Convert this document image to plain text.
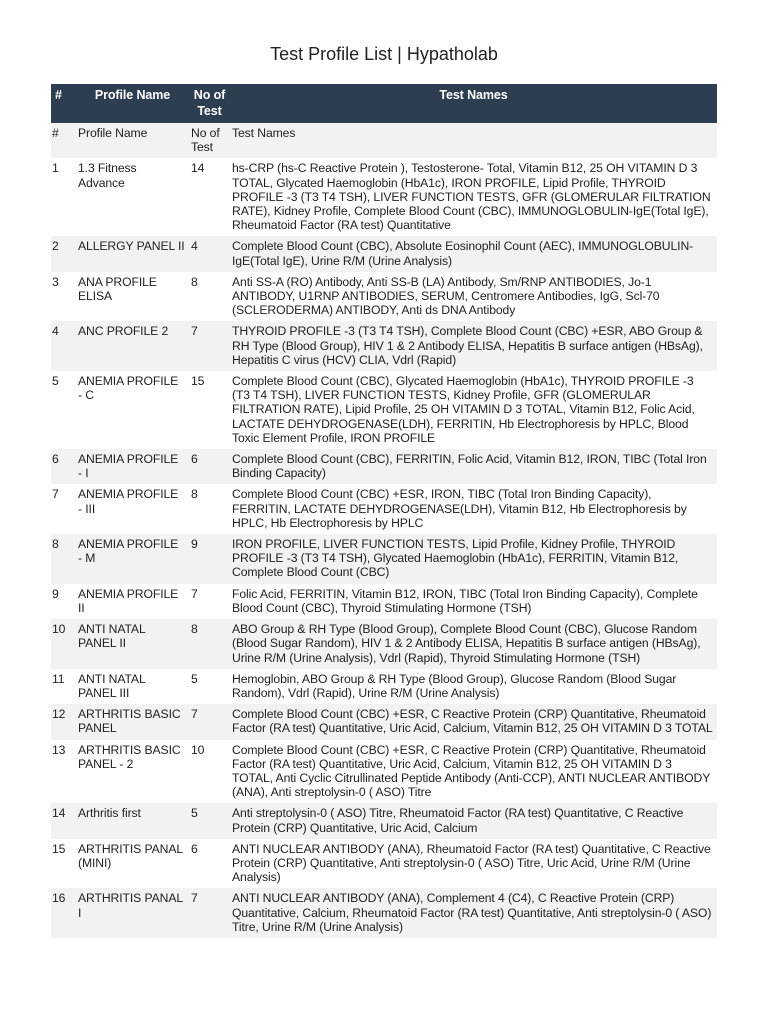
Test Profile List | Hypatholab
#	Profile Name	No of Test	Test Names
#	Profile Name	No of Test	Test Names
1	1.3 Fitness Advance	14	hs-CRP (hs-C Reactive Protein ), Testosterone- Total, Vitamin B12, 25 OH VITAMIN D 3 TOTAL, Glycated Haemoglobin (HbA1c), IRON PROFILE, Lipid Profile, THYROID PROFILE -3 (T3 T4 TSH), LIVER FUNCTION TESTS, GFR (GLOMERULAR FILTRATION RATE), Kidney Profile, Complete Blood Count (CBC), IMMUNOGLOBULIN-IgE(Total IgE), Rheumatoid Factor (RA test) Quantitative
2	ALLERGY PANEL II	4	Complete Blood Count (CBC), Absolute Eosinophil Count (AEC), IMMUNOGLOBULIN-IgE(Total IgE), Urine R/M (Urine Analysis)
3	ANA PROFILE ELISA	8	Anti SS-A (RO) Antibody, Anti SS-B (LA) Antibody, Sm/RNP ANTIBODIES, Jo-1 ANTIBODY, U1RNP ANTIBODIES, SERUM, Centromere Antibodies, IgG, Scl-70 (SCLERODERMA) ANTIBODY, Anti ds DNA Antibody
4	ANC PROFILE 2	7	THYROID PROFILE -3 (T3 T4 TSH), Complete Blood Count (CBC) +ESR, ABO Group & RH Type (Blood Group), HIV 1 & 2 Antibody ELISA, Hepatitis B surface antigen (HBsAg), Hepatitis C virus (HCV) CLIA, Vdrl (Rapid)
5	ANEMIA PROFILE - C	15	Complete Blood Count (CBC), Glycated Haemoglobin (HbA1c), THYROID PROFILE -3 (T3 T4 TSH), LIVER FUNCTION TESTS, Kidney Profile, GFR (GLOMERULAR FILTRATION RATE), Lipid Profile, 25 OH VITAMIN D 3 TOTAL, Vitamin B12, Folic Acid, LACTATE DEHYDROGENASE(LDH), FERRITIN, Hb Electrophoresis by HPLC, Blood Toxic Element Profile, IRON PROFILE
6	ANEMIA PROFILE - I	6	Complete Blood Count (CBC), FERRITIN, Folic Acid, Vitamin B12, IRON, TIBC (Total Iron Binding Capacity)
7	ANEMIA PROFILE - III	8	Complete Blood Count (CBC) +ESR, IRON, TIBC (Total Iron Binding Capacity), FERRITIN, LACTATE DEHYDROGENASE(LDH), Vitamin B12, Hb Electrophoresis by HPLC, Hb Electrophoresis by HPLC
8	ANEMIA PROFILE - M	9	IRON PROFILE, LIVER FUNCTION TESTS, Lipid Profile, Kidney Profile, THYROID PROFILE -3 (T3 T4 TSH), Glycated Haemoglobin (HbA1c), FERRITIN, Vitamin B12, Complete Blood Count (CBC)
9	ANEMIA PROFILE II	7	Folic Acid, FERRITIN, Vitamin B12, IRON, TIBC (Total Iron Binding Capacity), Complete Blood Count (CBC), Thyroid Stimulating Hormone (TSH)
10	ANTI NATAL PANEL II	8	ABO Group & RH Type (Blood Group), Complete Blood Count (CBC), Glucose Random (Blood Sugar Random), HIV 1 & 2 Antibody ELISA, Hepatitis B surface antigen (HBsAg), Urine R/M (Urine Analysis), Vdrl (Rapid), Thyroid Stimulating Hormone (TSH)
11	ANTI NATAL PANEL III	5	Hemoglobin, ABO Group & RH Type (Blood Group), Glucose Random (Blood Sugar Random), Vdrl (Rapid), Urine R/M (Urine Analysis)
12	ARTHRITIS BASIC PANEL	7	Complete Blood Count (CBC) +ESR, C Reactive Protein (CRP) Quantitative, Rheumatoid Factor (RA test) Quantitative, Uric Acid, Calcium, Vitamin B12, 25 OH VITAMIN D 3 TOTAL
13	ARTHRITIS BASIC PANEL - 2	10	Complete Blood Count (CBC) +ESR, C Reactive Protein (CRP) Quantitative, Rheumatoid Factor (RA test) Quantitative, Uric Acid, Calcium, Vitamin B12, 25 OH VITAMIN D 3 TOTAL, Anti Cyclic Citrullinated Peptide Antibody (Anti-CCP), ANTI NUCLEAR ANTIBODY (ANA), Anti streptolysin-0 ( ASO) Titre
14	Arthritis first	5	Anti streptolysin-0 ( ASO) Titre, Rheumatoid Factor (RA test) Quantitative, C Reactive Protein (CRP) Quantitative, Uric Acid, Calcium
15	ARTHRITIS PANAL (MINI)	6	ANTI NUCLEAR ANTIBODY (ANA), Rheumatoid Factor (RA test) Quantitative, C Reactive Protein (CRP) Quantitative, Anti streptolysin-0 ( ASO) Titre, Uric Acid, Urine R/M (Urine Analysis)
16	ARTHRITIS PANAL I	7	ANTI NUCLEAR ANTIBODY (ANA), Complement 4 (C4), C Reactive Protein (CRP) Quantitative, Calcium, Rheumatoid Factor (RA test) Quantitative, Anti streptolysin-0 ( ASO) Titre, Urine R/M (Urine Analysis)
